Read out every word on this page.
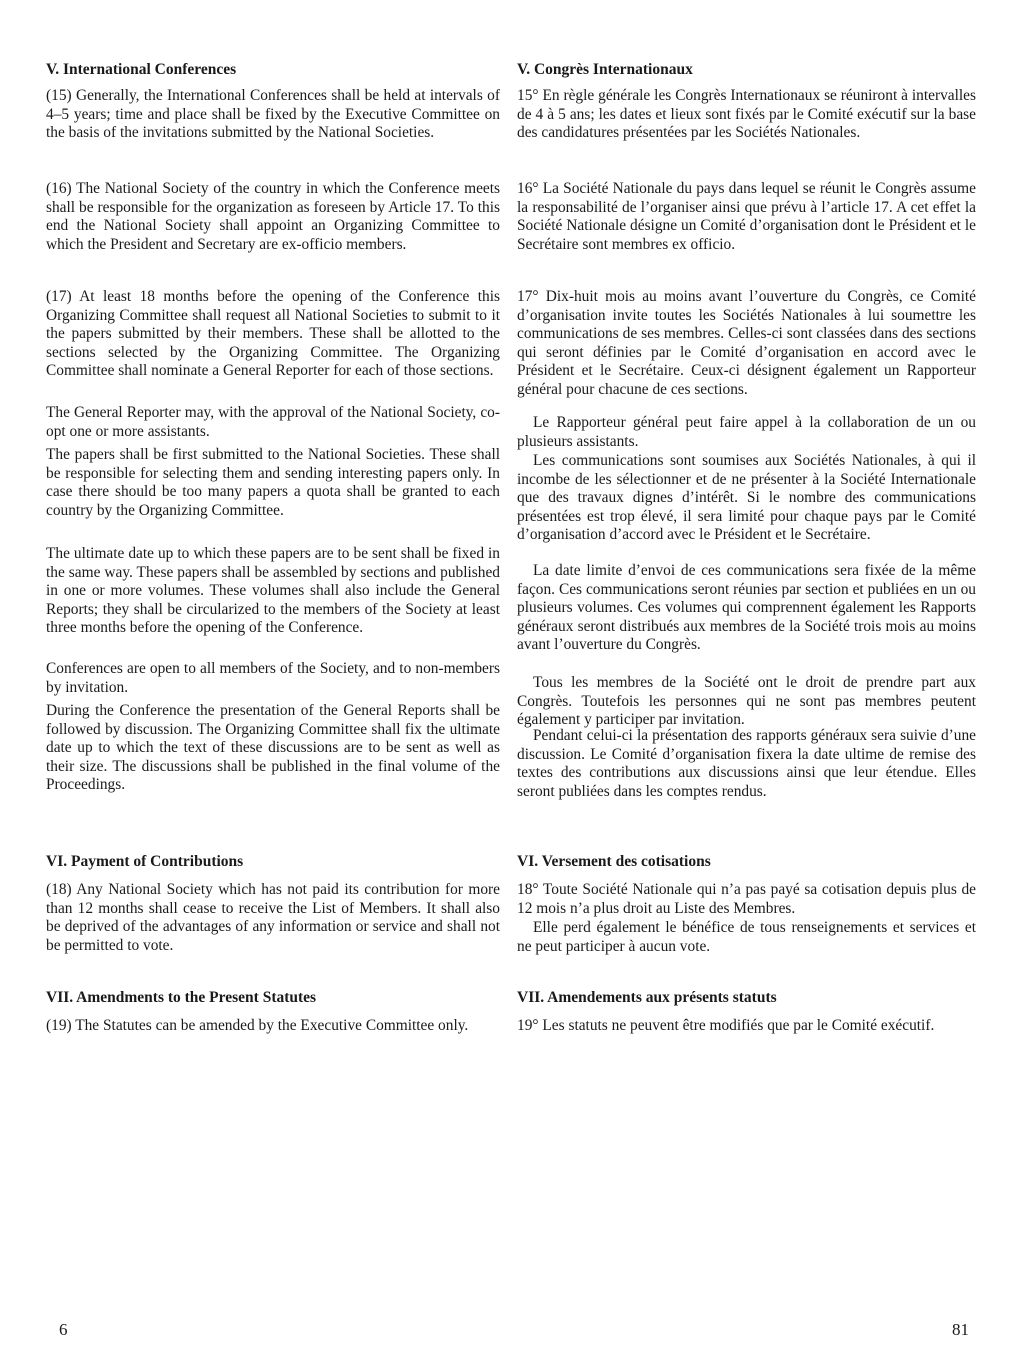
V. International Conferences

(15) Generally, the International Conferences shall be held at intervals of 4–5 years; time and place shall be fixed by the Executive Committee on the basis of the invitations submitted by the National Societies.

(16) The National Society of the country in which the Conference meets shall be responsible for the organization as foreseen by Article 17. To this end the National Society shall appoint an Organizing Committee to which the President and Secretary are ex-officio members.

(17) At least 18 months before the opening of the Conference this Organizing Committee shall request all National Societies to submit to it the papers submitted by their members. These shall be allotted to the sections selected by the Organizing Committee. The Organizing Committee shall nominate a General Reporter for each of those sections.

The General Reporter may, with the approval of the National Society, co-opt one or more assistants.

The papers shall be first submitted to the National Societies. These shall be responsible for selecting them and sending interesting papers only. In case there should be too many papers a quota shall be granted to each country by the Organizing Committee.

The ultimate date up to which these papers are to be sent shall be fixed in the same way. These papers shall be assembled by sections and published in one or more volumes. These volumes shall also include the General Reports; they shall be circularized to the members of the Society at least three months before the opening of the Conference.

Conferences are open to all members of the Society, and to non-members by invitation.

During the Conference the presentation of the General Reports shall be followed by discussion. The Organizing Committee shall fix the ultimate date up to which the text of these discussions are to be sent as well as their size. The discussions shall be published in the final volume of the Proceedings.

VI. Payment of Contributions

(18) Any National Society which has not paid its contribution for more than 12 months shall cease to receive the List of Members. It shall also be deprived of the advantages of any information or service and shall not be permitted to vote.

VII. Amendments to the Present Statutes

(19) The Statutes can be amended by the Executive Committee only.

V. Congrès Internationaux

15° En règle générale les Congrès Internationaux se réuniront à intervalles de 4 à 5 ans; les dates et lieux sont fixés par le Comité exécutif sur la base des candidatures présentées par les Sociétés Nationales.

16° La Société Nationale du pays dans lequel se réunit le Congrès assume la responsabilité de l’organiser ainsi que prévu à l’article 17. A cet effet la Société Nationale désigne un Comité d’organisation dont le Président et le Secrétaire sont membres ex officio.

17° Dix-huit mois au moins avant l’ouverture du Congrès, ce Comité d’organisation invite toutes les Sociétés Nationales à lui soumettre les communications de ses membres. Celles-ci sont classées dans des sections qui seront définies par le Comité d’organisation en accord avec le Président et le Secrétaire. Ceux-ci désignent également un Rapporteur général pour chacune de ces sections.

Le Rapporteur général peut faire appel à la collaboration de un ou plusieurs assistants.

Les communications sont soumises aux Sociétés Nationales, à qui il incombe de les sélectionner et de ne présenter à la Société Internationale que des travaux dignes d’intérêt. Si le nombre des communications présentées est trop élevé, il sera limité pour chaque pays par le Comité d’organisation d’accord avec le Président et le Secrétaire.

La date limite d’envoi de ces communications sera fixée de la même façon. Ces communications seront réunies par section et publiées en un ou plusieurs volumes. Ces volumes qui comprennent également les Rapports généraux seront distribués aux membres de la Société trois mois au moins avant l’ouverture du Congrès.

Tous les membres de la Société ont le droit de prendre part aux Congrès. Toutefois les personnes qui ne sont pas membres peutent également y participer par invitation.

Pendant celui-ci la présentation des rapports généraux sera suivie d’une discussion. Le Comité d’organisation fixera la date ultime de remise des textes des contributions aux discussions ainsi que leur étendue. Elles seront publiées dans les comptes rendus.

VI. Versement des cotisations

18° Toute Société Nationale qui n’a pas payé sa cotisation depuis plus de 12 mois n’a plus droit au Liste des Membres.

Elle perd également le bénéfice de tous renseignements et services et ne peut participer à aucun vote.

VII. Amendements aux présents statuts

19° Les statuts ne peuvent être modifiés que par le Comité exécutif.

6	81
